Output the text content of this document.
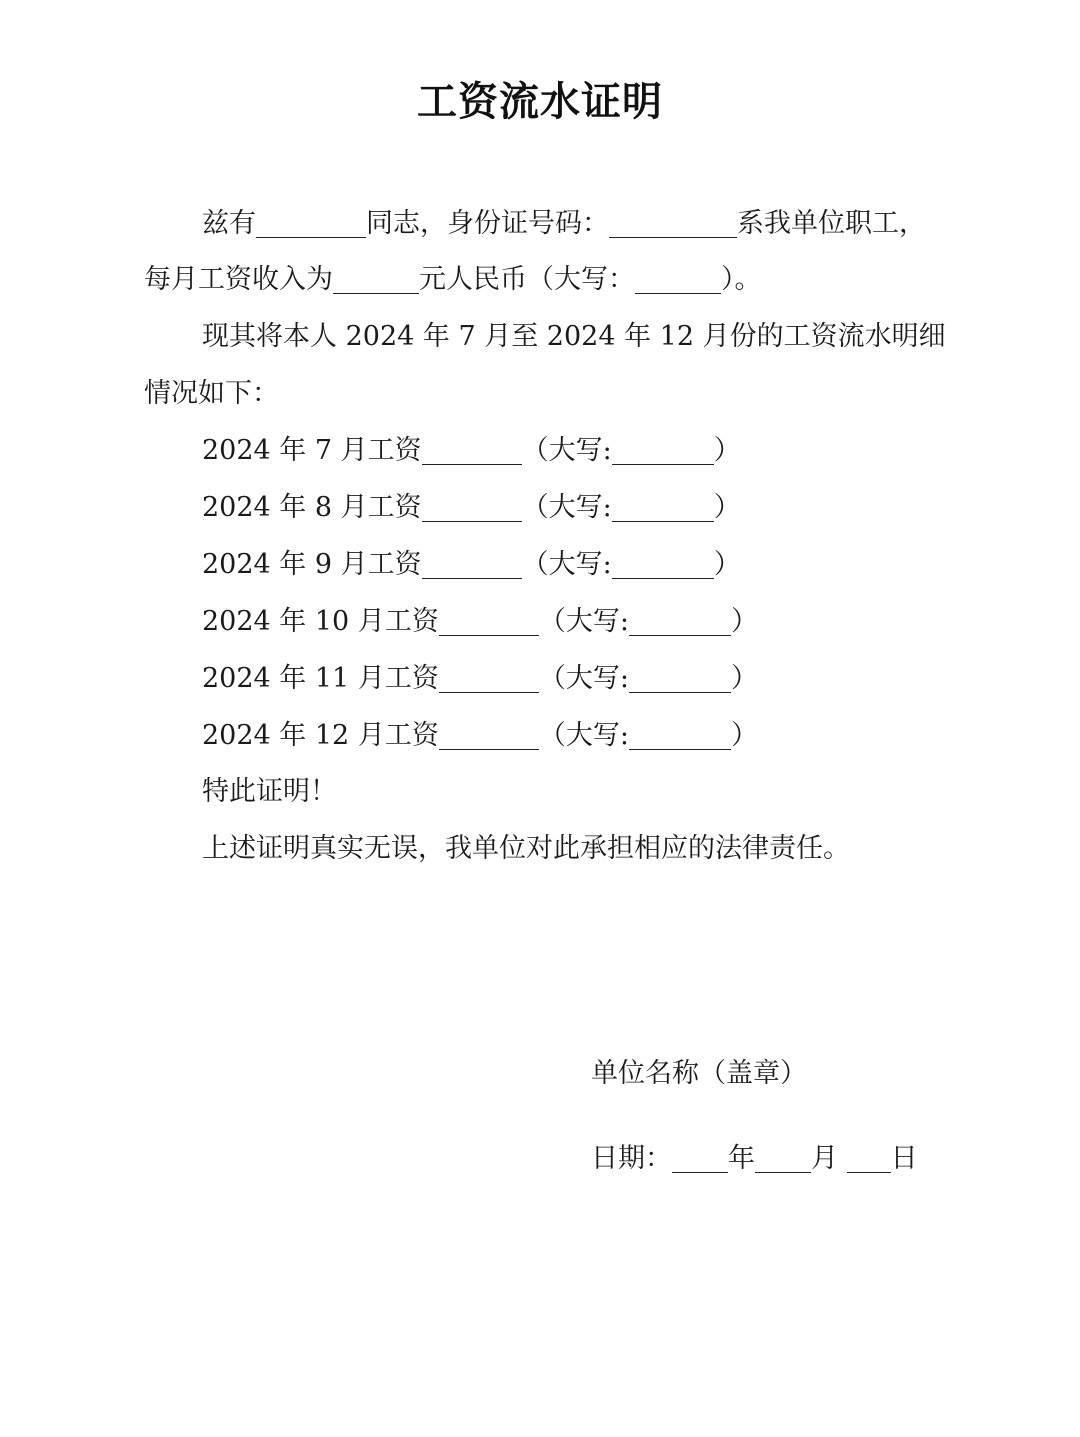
工资流水证明
兹有	同志，身份证号码：	系我单位职工，
每月工资收入为	元人民币（大写：	）。
现其将本人 2024 年 7 月至 2024 年 12 月份的工资流水明细
情况如下：
2024 年 7 月工资	（大写:	）
2024 年 8 月工资	（大写:	）
2024 年 9 月工资	（大写:	）
2024 年 10 月工资	（大写:	）
2024 年 11 月工资	（大写:	）
2024 年 12 月工资	（大写:	）
特此证明！
上述证明真实无误，我单位对此承担相应的法律责任。
单位名称（盖章）
日期： 年 月 日
